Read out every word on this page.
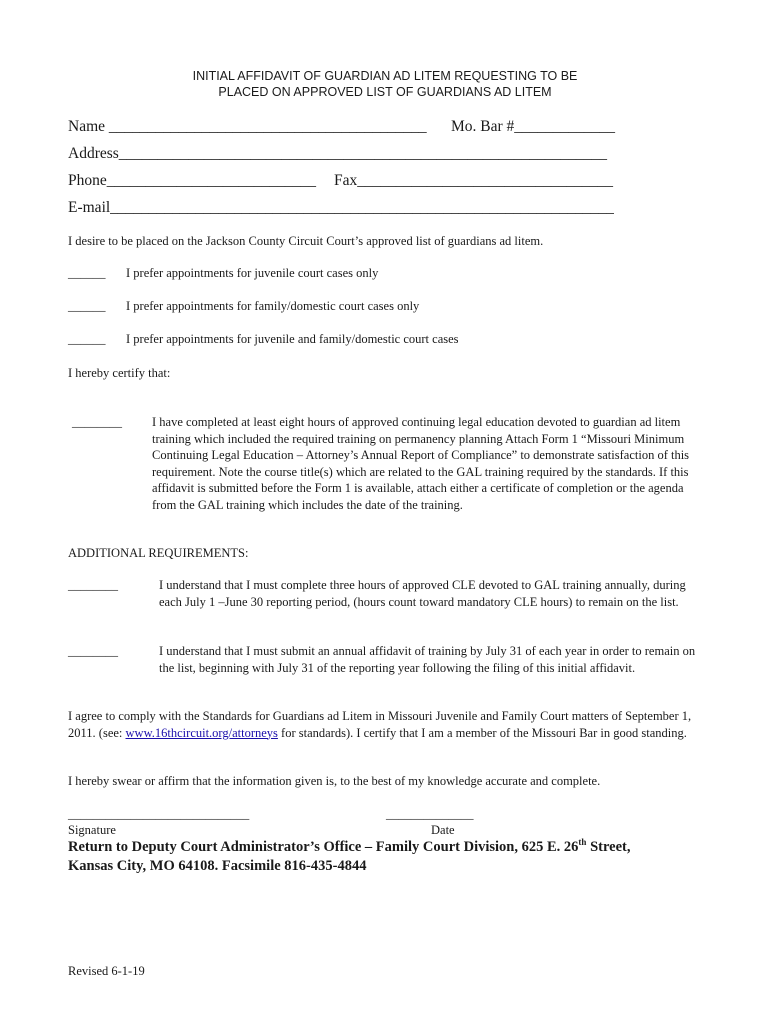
INITIAL AFFIDAVIT OF GUARDIAN AD LITEM REQUESTING TO BE
PLACED ON APPROVED LIST OF GUARDIANS AD LITEM
Name _________________________________________ Mo. Bar #_____________
Address_______________________________________________________________
Phone___________________________ Fax_________________________________
E-mail_________________________________________________________________
I desire to be placed on the Jackson County Circuit Court’s approved list of guardians ad litem.
______ I prefer appointments for juvenile court cases only
______ I prefer appointments for family/domestic court cases only
______ I prefer appointments for juvenile and family/domestic court cases
I hereby certify that:
________ I have completed at least eight hours of approved continuing legal education devoted to guardian ad litem training which included the required training on permanency planning Attach Form 1 “Missouri Minimum Continuing Legal Education – Attorney’s Annual Report of Compliance” to demonstrate satisfaction of this requirement. Note the course title(s) which are related to the GAL training required by the standards. If this affidavit is submitted before the Form 1 is available, attach either a certificate of completion or the agenda from the GAL training which includes the date of the training.
ADDITIONAL REQUIREMENTS:
________	I understand that I must complete three hours of approved CLE devoted to GAL training annually, during each July 1 –June 30 reporting period, (hours count toward mandatory CLE hours) to remain on the list.
________	I understand that I must submit an annual affidavit of training by July 31 of each year in order to remain on the list, beginning with July 31 of the reporting year following the filing of this initial affidavit.
I agree to comply with the Standards for Guardians ad Litem in Missouri Juvenile and Family Court matters of September 1, 2011. (see: www.16thcircuit.org/attorneys for standards). I certify that I am a member of the Missouri Bar in good standing.
I hereby swear or affirm that the information given is, to the best of my knowledge accurate and complete.
_____________________________	______________
Signature	Date
Return to Deputy Court Administrator’s Office – Family Court Division, 625 E. 26th Street,
Kansas City, MO 64108. Facsimile 816-435-4844
Revised 6-1-19
